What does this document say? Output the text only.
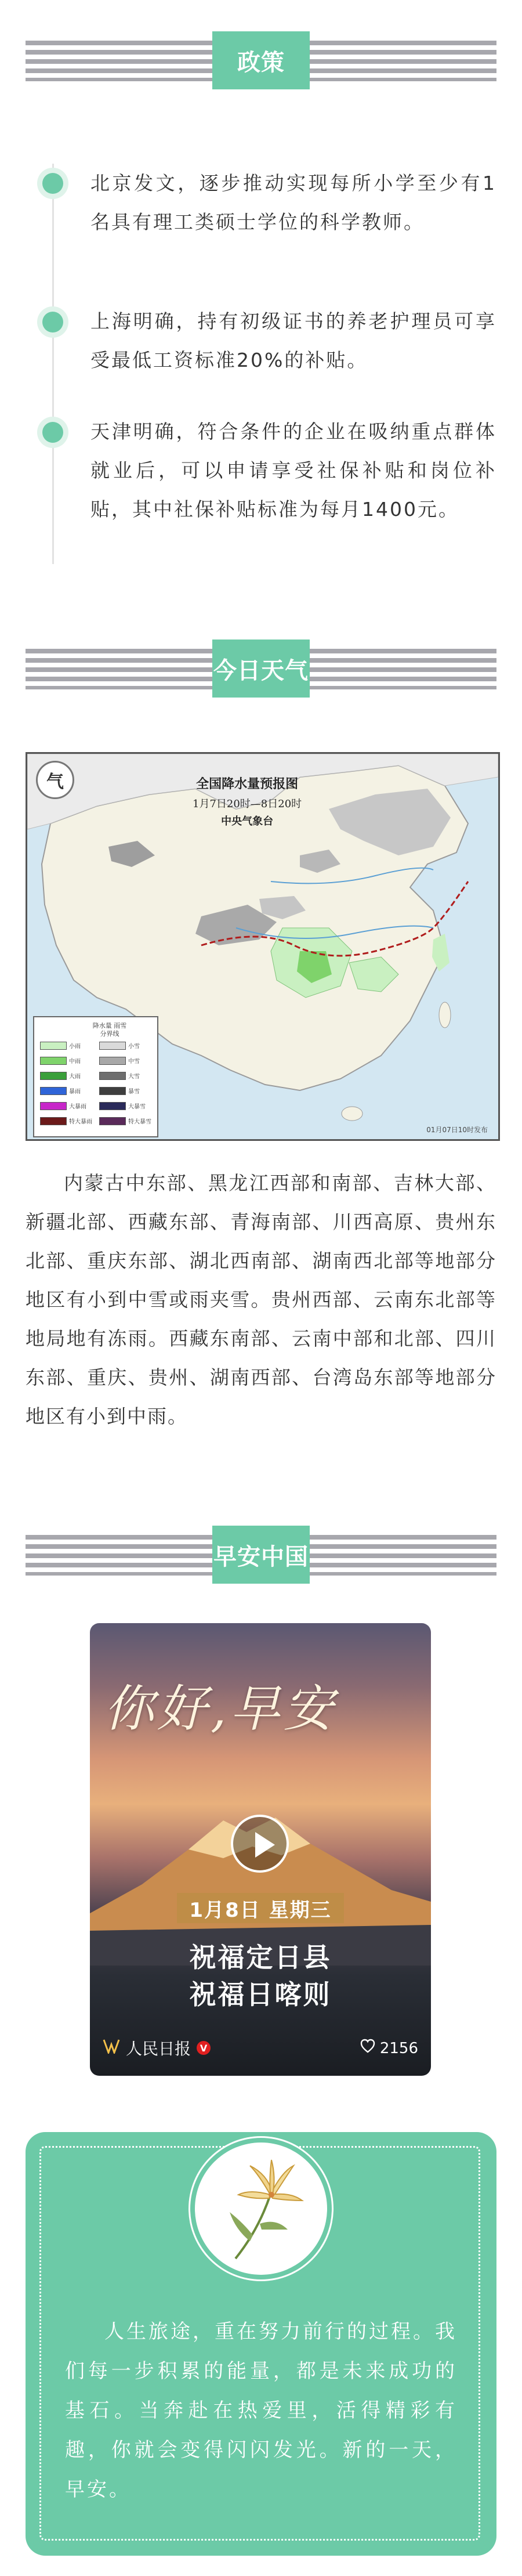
政策
北京发文，逐步推动实现每所小学至少有1名具有理工类硕士学位的科学教师。
上海明确，持有初级证书的养老护理员可享受最低工资标准20%的补贴。
天津明确，符合条件的企业在吸纳重点群体就业后，可以申请享受社保补贴和岗位补贴，其中社保补贴标准为每月1400元。
今日天气
气	全国降水量预报图
1月7日20时—8日20时
中央气象台
降水量 雨雪分界线
小雨
中雨
大雨
暴雨
大暴雨
特大暴雨
小雪
中雪
大雪
暴雪
大暴雪
特大暴雪
01月07日10时发布
内蒙古中东部、黑龙江西部和南部、吉林大部、新疆北部、西藏东部、青海南部、川西高原、贵州东北部、重庆东部、湖北西南部、湖南西北部等地部分地区有小到中雪或雨夹雪。贵州西部、云南东北部等地局地有冻雨。西藏东南部、云南中部和北部、四川东部、重庆、贵州、湖南西部、台湾岛东部等地部分地区有小到中雨。
早安中国
你好,早安
1月8日 星期三
祝福定日县
祝福日喀则
人民日报 V	2156
人生旅途，重在努力前行的过程。我们每一步积累的能量，都是未来成功的基石。当奔赴在热爱里，活得精彩有趣，你就会变得闪闪发光。新的一天，早安。
